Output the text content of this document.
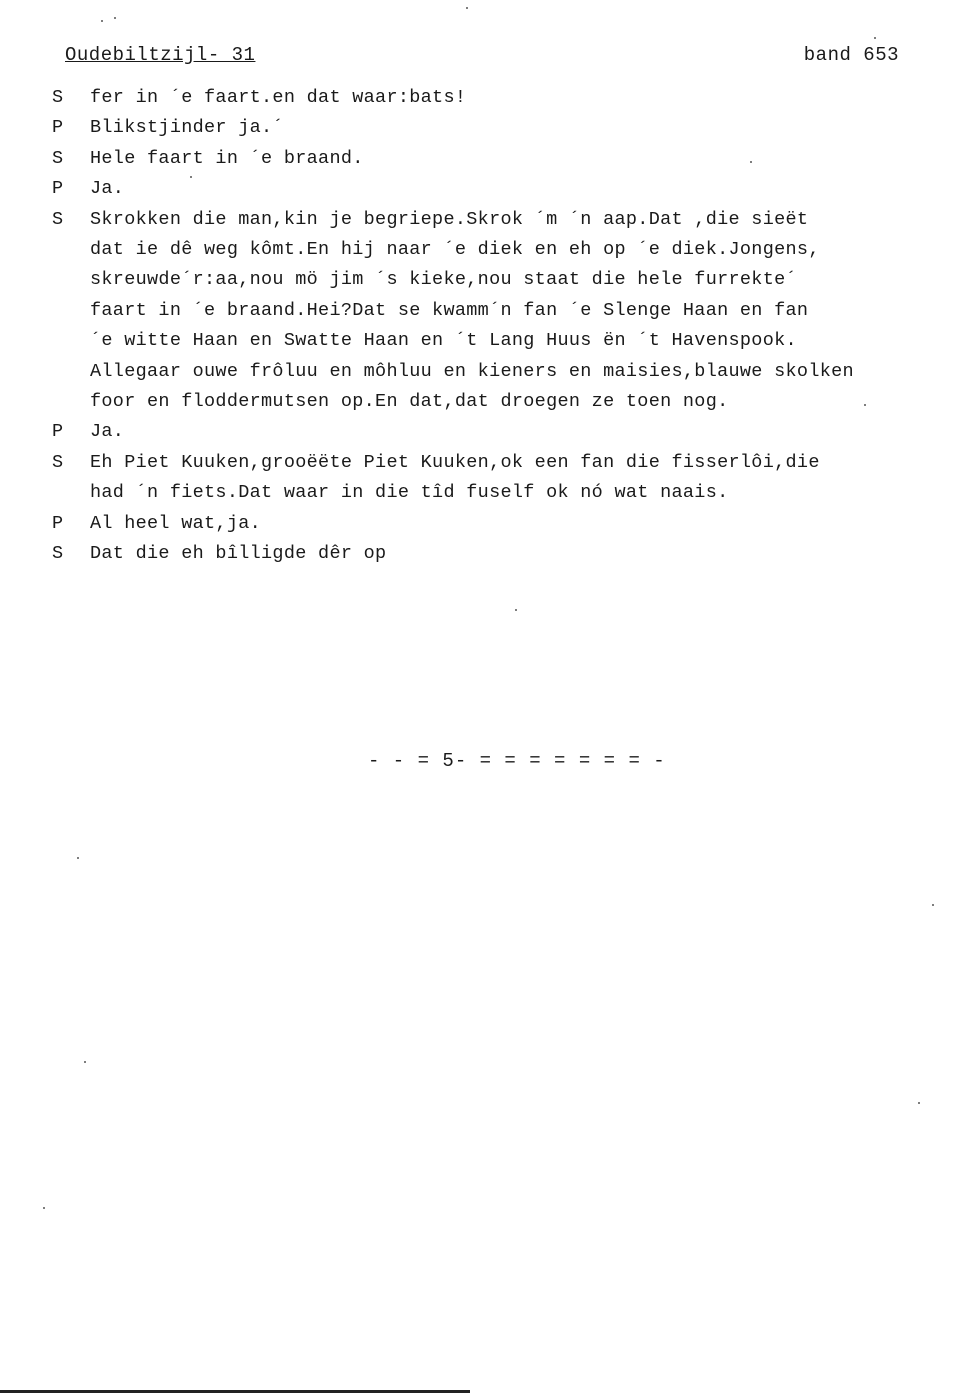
Oudebiltzijl- 31	band 653
S	fer in ´e faart.en dat waar:bats!
P	Blikstjinder ja.´
S	Hele faart in ´e braand.
P	Ja.
S	Skrokken die man,kin je begriepe.Skrok ´m ´n aap.Dat ,die sieët
dat ie dê weg kômt.En hij naar ´e diek en eh op ´e diek.Jongens,
skreuwde´r:aa,nou mö jim ´s kieke,nou staat die hele furrekte´
faart in ´e braand.Hei?Dat se kwamm´n fan ´e Slenge Haan en fan
´e witte Haan en Swatte Haan en ´t Lang Huus ën ´t Havenspook.
Allegaar ouwe frôluu en môhluu en kieners en maisies,blauwe skolken
foor en floddermutsen op.En dat,dat droegen ze toen nog.
P	Ja.
S	Eh Piet Kuuken,grooëëte Piet Kuuken,ok een fan die fisserlôi,die
had ´n fiets.Dat waar in die tîd fuself ok nó wat naais.
P	Al heel wat,ja.
S	Dat die eh bîlligde dêr op
- - = 5- = = = = = = = -
